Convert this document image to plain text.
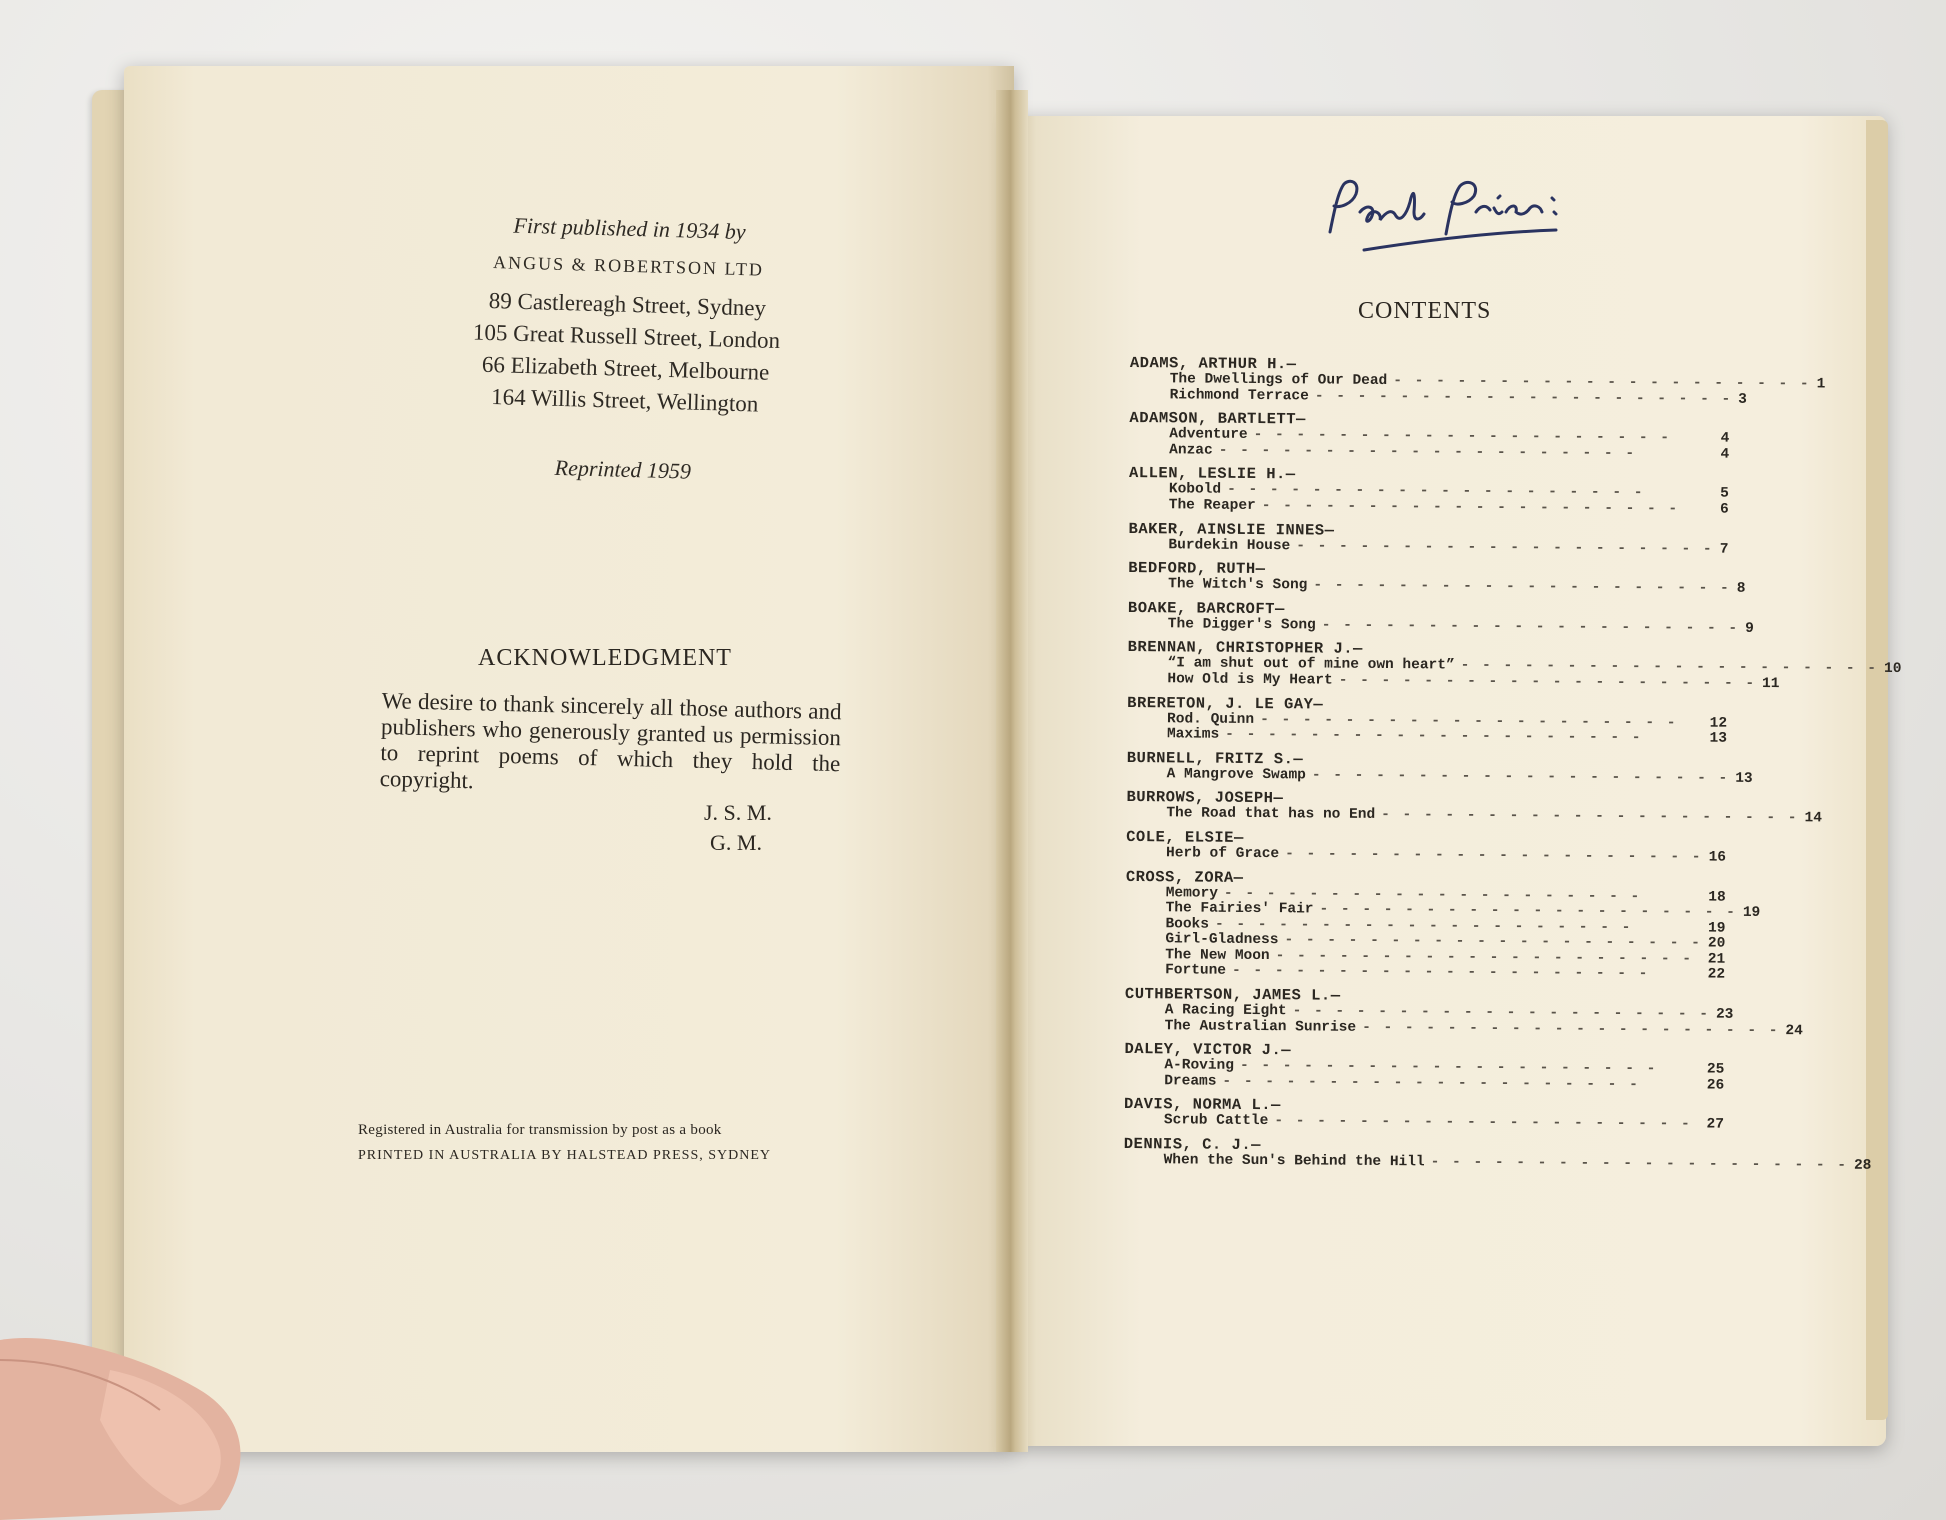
First published in 1934 by
ANGUS & ROBERTSON LTD
89 Castlereagh Street, Sydney
105 Great Russell Street, London
66 Elizabeth Street, Melbourne
164 Willis Street, Wellington
Reprinted 1959
ACKNOWLEDGMENT
We desire to thank sincerely all those authors and publishers who generously granted us permission to reprint poems of which they hold the copyright.
J. S. M.
G. M.
Registered in Australia for transmission by post as a book
PRINTED IN AUSTRALIA BY HALSTEAD PRESS, SYDNEY
CONTENTS
ADAMS, ARTHUR H.—
The Dwellings of Our Dead - - - - - - - - - - - - - - - - - - - - 1
Richmond Terrace - - - - - - - - - - - - - - - - - - - - 3
ADAMSON, BARTLETT—
Adventure - - - - - - - - - - - - - - - - - - - -	4
Anzac - - - - - - - - - - - - - - - - - - - -	4
ALLEN, LESLIE H.—
Kobold - - - - - - - - - - - - - - - - - - - -	5
The Reaper - - - - - - - - - - - - - - - - - - - -	6
BAKER, AINSLIE INNES—
Burdekin House - - - - - - - - - - - - - - - - - - - - 7
BEDFORD, RUTH—
The Witch's Song - - - - - - - - - - - - - - - - - - - - 8
BOAKE, BARCROFT—
The Digger's Song - - - - - - - - - - - - - - - - - - - - 9
BRENNAN, CHRISTOPHER J.—
“I am shut out of mine own heart” - - - - - - - - - - - - - - - - - - - - 10
How Old is My Heart - - - - - - - - - - - - - - - - - - - - 11
BRERETON, J. LE GAY—
Rod. Quinn - - - - - - - - - - - - - - - - - - - -	12
Maxims - - - - - - - - - - - - - - - - - - - -	13
BURNELL, FRITZ S.—
A Mangrove Swamp - - - - - - - - - - - - - - - - - - - - 13
BURROWS, JOSEPH—
The Road that has no End - - - - - - - - - - - - - - - - - - - - 14
COLE, ELSIE—
Herb of Grace - - - - - - - - - - - - - - - - - - - - 16
CROSS, ZORA—
Memory - - - - - - - - - - - - - - - - - - - -	18
The Fairies' Fair - - - - - - - - - - - - - - - - - - - - 19
Books - - - - - - - - - - - - - - - - - - - -	19
Girl-Gladness - - - - - - - - - - - - - - - - - - - - 20
The New Moon - - - - - - - - - - - - - - - - - - - -	21
Fortune - - - - - - - - - - - - - - - - - - - -	22
CUTHBERTSON, JAMES L.—
A Racing Eight - - - - - - - - - - - - - - - - - - - - 23
The Australian Sunrise - - - - - - - - - - - - - - - - - - - - 24
DALEY, VICTOR J.—
A-Roving - - - - - - - - - - - - - - - - - - - -	25
Dreams - - - - - - - - - - - - - - - - - - - -	26
DAVIS, NORMA L.—
Scrub Cattle - - - - - - - - - - - - - - - - - - - -	27
DENNIS, C. J.—
When the Sun's Behind the Hill - - - - - - - - - - - - - - - - - - - - 28
